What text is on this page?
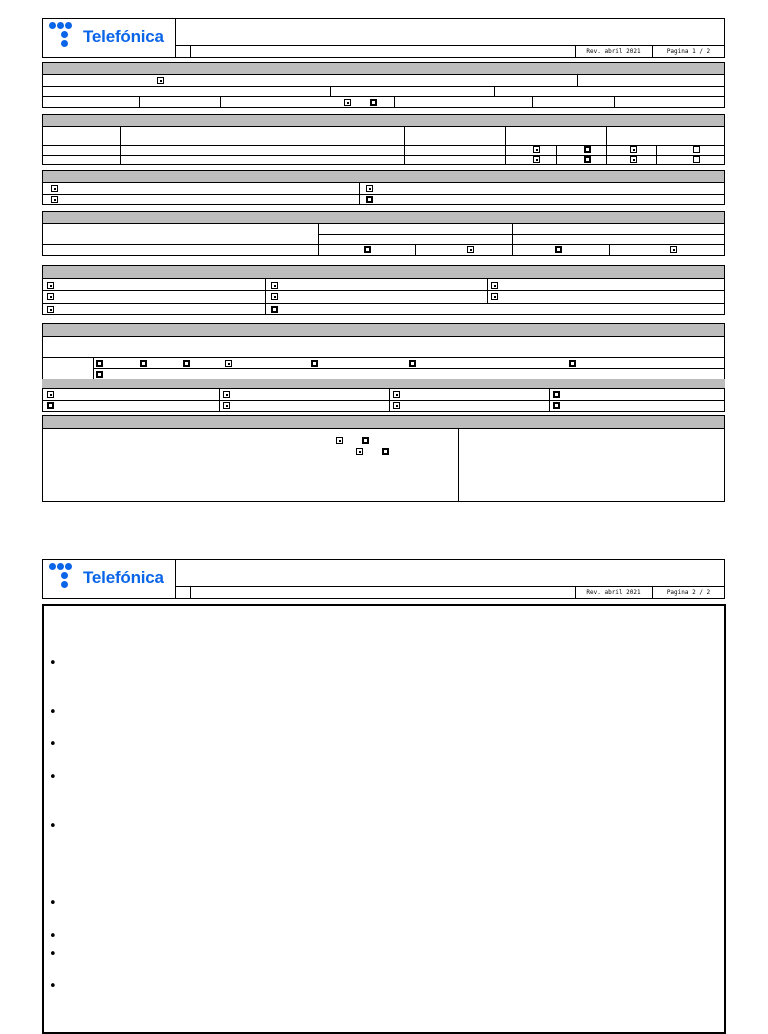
Rev. abril 2021	Pagina 1 / 2
Telefónica
Rev. abril 2021	Pagina 2 / 2
Telefónica
•
•
•
•
•
•
•
•
•
